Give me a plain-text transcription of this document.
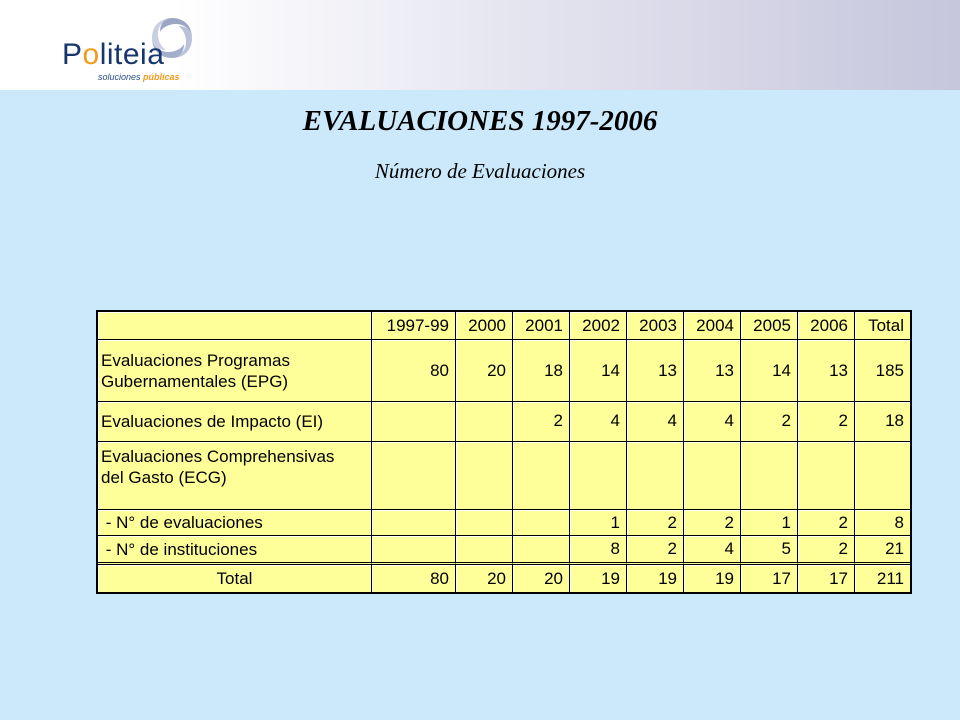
Politeia
soluciones públicas
EVALUACIONES 1997-2006
Número de Evaluaciones
	1997-99	2000	2001	2002	2003	2004	2005	2006	Total
Evaluaciones Programas
Gubernamentales (EPG)	80	20	18	14	13	13	14	13	185
Evaluaciones de Impacto (EI)			2	4	4	4	2	2	18
Evaluaciones Comprehensivas
del Gasto (ECG)									
- N° de evaluaciones				1	2	2	1	2	8
- N° de instituciones				8	2	4	5	2	21
Total	80	20	20	19	19	19	17	17	211
